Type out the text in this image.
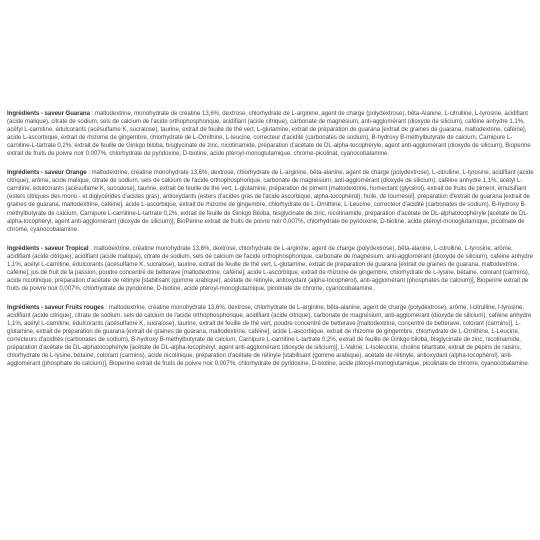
Ingrédients - saveur Guarana : maltodextrine, monohydrate de créatine 13,6%, dextrose, chlorhydrate de L-arginine, agent de charge (polydextrose), bêta-Alanine, L-citrulline, L-tyrosine, acidifiant (acide malique), citrate de sodium, sels de calcium de l'acide orthophosphorique, acidifiant (acide citrique), carbonate de magnésium, anti-agglomérant (dioxyde de silicium), caféine anhydre 1,1%, acétyl L-carnitine, édulcorants (acésulfame K, sucralose), taurine, extrait de feuille de thé vert, L-glutamine, extrait de préparation de guarana [extrait de graines de guarana, maltodextrine, caféine], acide L-ascorbique, extrait de rhizome de gingembre, chlorhydrate de L-Ornithine, L-leucine, correcteur d'acidité (carbonates de sodium), B-hydroxy B-méthylbutyrate de calcium, Carnipure L-carnitine-L-tartrate 0,2%, extrait de feuille de Ginkgo biloba, bisglycinate de zinc, nicotinamide, préparation d'acétate de DL-alpha-tocophéryle, agent anti-agglomérant (dioxyde de silicium), Bioperine extrait de fruits de poivre noir 0,007%, chlorhydrate de pyridoxine, D-biotine, acide ptéroyl-monoglutamique, chrome-picolinat, cyanocobalamine.

Ingrédients - saveur Orange : maltodextrine, créatine monohydrate 13,6%, dextrose, chlorhydrate de L-arginine, bêta-alanine, agent de charge (polydextrose), L-citrulline, L-tyrosine, acidifiant (acide citrique), arôme, acide malique, citrate de sodium, sels de calcium de l'acide orthophosphorique, carbonate de magnésium, anti-agglomérant (dioxyde de silicium), caféine anhydre 1,1%, acétyl L-carnitine, édulcorants (acésulfame K, sucralose), taurine, extrait de feuille de thé vert, L-glutamine, préparation de piment [maltodextrine, humectant (glycérol), extrait de fruits de piment, émulsifiant (esters citriques des mono - et diglycérides d'acides gras), antioxydants (esters d'acides gras de l'acide ascorbique, alpha-tocophérol), huile, de tournesol], préparation d'extrait de guarana [extrait de graines de guarana, maltodextrine, caféine], acide L-ascorbique, extrait de rhizome de gingembre, chlorhydrate de L-Ornithine, L-Leucine, correcteur d'acidité (carbonates de sodium), B-hydroxy B-méthylbutyrate de calcium, Carnipure L-carnitine-L-tartrate 0,2%, extrait de feuille de Ginkgo Biloba, bisglycinate de zinc, nicotinamide, préparation d'acétate de DL-alphatocophéryle [acétate de DL-alpha-tocophéryl, agent anti-agglomérant (dioxyde de silicium)], BioPerine extrait de fruits de poivre noir 0,007%, chlorhydrate de pyridoxine, D-biotine, acide ptéroyl-monoglutamique, picolinate de chrome, cyanocobalamine.

Ingrédients - saveur Tropical : maltodextrine, créatine monohydrate 13,6%, dextrose, chlorhydrate de L-arginine, agent de charge (polydextrose), bêta-alanine, L-citrulline, L-tyrosine, arôme, acidifiant (acide citrique), acidifiant (acide malique), citrate de sodium, sels de calcium de l'acide orthophosphorique, carbonate de magnésium, anti-agglomérant (dioxyde de silicium), caféine anhydre 1,1%, acétyl L-carnitine, édulcorants (acésulfame K, sucralose), taurine, extrait de feuille de thé vert, L-glutamine, extrait de préparation de guarana [extrait de graines de guarana, maltodextrine, caféine], jus de fruit de la passion, poudre concentré de betterave [maltodextrine, caféine], acide L-ascorbique, extrait de rhizome de gingembre, chlorhydrate de L-lysine, bétaine, colorant (carmins), acide nicotinique, préparation d'acétate de rétinyle [stabilisant (gomme arabique), acétate de rétinyle, antioxydant (alpha-tocophérol), anti-agglomérant (phosphates de calcium)], Bioperine extrait de fruits de poivre noir 0,007%, chlorhydrate de pyridoxine, D-biotine, acide ptéroyl-monoglutamique, picolinate de chrome, cyanocobalamine.

Ingrédients - saveur Fruits rouges : maltodextrine, créatine monohydrate 13,6%, dextrose, chlorhydrate de L-arginine, bêta-alanine, agent de charge (polydextrose), arôme, l-citrulline, l-tyrosine, acidifiant (acide citrique), citrate de sodium, sels de calcium de l'acide orthophosphorique, acidifiant (acide citrique), carbonate de magnésium, anti-agglomérant (dioxyde de silicium), caféine anhydre 1,1%, acétyl L-carnitine, édulcorants (acésulfame K, sucralose), taurine, extrait de feuille de thé vert, poudre concentré de betterave [maltodextrine, concentré de betterave, colorant (carmins)], L-glutamine, extrait de préparation de guarana [extrait de graines de guarana, maltodextrine, caféine], acide L-ascorbique, extrait de rhizome de gingembre, chlorhydrate de L-Ornithine, L-Leucine, correcteurs d'acidités (carbonates de sodium), B-hydroxy B-méthylbutyrate de calcium, Carnipure L-carnitine L-tartrate 0,2%, extrait de feuille de Ginkgo biloba, bisglycinate de zinc, nicotinamide, préparation d'acétate de DL-alphatocophéryle [acétate de DL-alpha-tocophéryl, agent anti-agglomérant (dioxyde de silicium)], L-Valine, L-Isoleucine, choline bitartrate, extrait de pépins de raisins, chlorhydrate de L-lysine, bétaine, colorant (carmins), acide nicotinique, préparation d'acétate de rétinyle [stabilisant (gomme arabique), acétate de rétinyle, antioxydant (alpha-tocophérol), anti-agglomérant (phosphate de calcium)], Bioperine extrait de fruits de poivre noir 0,007%, chlorhydrate de pyridoxine, D-biotine, acide ptéroyl-monoglutamique, picolinate de chrome, cyanocobalamine.
